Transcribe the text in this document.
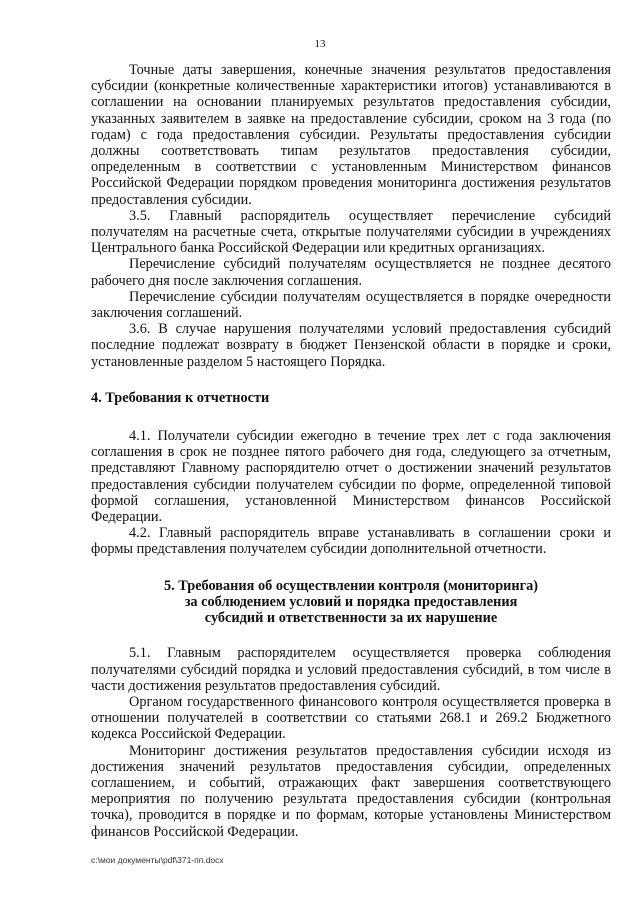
13

Точные даты завершения, конечные значения результатов предоставления субсидии (конкретные количественные характеристики итогов) устанавливаются в соглашении на основании планируемых результатов предоставления субсидии, указанных заявителем в заявке на предоставление субсидии, сроком на 3 года (по годам) с года предоставления субсидии. Результаты предоставления субсидии должны соответствовать типам результатов предоставления субсидии, определенным в соответствии с установленным Министерством финансов Российской Федерации порядком проведения мониторинга достижения результатов предоставления субсидии.

3.5. Главный распорядитель осуществляет перечисление субсидий получателям на расчетные счета, открытые получателями субсидии в учреждениях Центрального банка Российской Федерации или кредитных организациях.

Перечисление субсидий получателям осуществляется не позднее десятого рабочего дня после заключения соглашения.

Перечисление субсидии получателям осуществляется в порядке очередности заключения соглашений.

3.6. В случае нарушения получателями условий предоставления субсидий последние подлежат возврату в бюджет Пензенской области в порядке и сроки, установленные разделом 5 настоящего Порядка.

4. Требования к отчетности

4.1. Получатели субсидии ежегодно в течение трех лет с года заключения соглашения в срок не позднее пятого рабочего дня года, следующего за отчетным, представляют Главному распорядителю отчет о достижении значений результатов предоставления субсидии получателем субсидии по форме, определенной типовой формой соглашения, установленной Министерством финансов Российской Федерации.

4.2. Главный распорядитель вправе устанавливать в соглашении сроки и формы представления получателем субсидии дополнительной отчетности.

5. Требования об осуществлении контроля (мониторинга)
за соблюдением условий и порядка предоставления
субсидий и ответственности за их нарушение

5.1. Главным распорядителем осуществляется проверка соблюдения получателями субсидий порядка и условий предоставления субсидий, в том числе в части достижения результатов предоставления субсидий.

Органом государственного финансового контроля осуществляется проверка в отношении получателей в соответствии со статьями 268.1 и 269.2 Бюджетного кодекса Российской Федерации.

Мониторинг достижения результатов предоставления субсидии исходя из достижения значений результатов предоставления субсидии, определенных соглашением, и событий, отражающих факт завершения соответствующего мероприятия по получению результата предоставления субсидии (контрольная точка), проводится в порядке и по формам, которые установлены Министерством финансов Российской Федерации.

c:\мои документы\pdf\371-пп.docx
